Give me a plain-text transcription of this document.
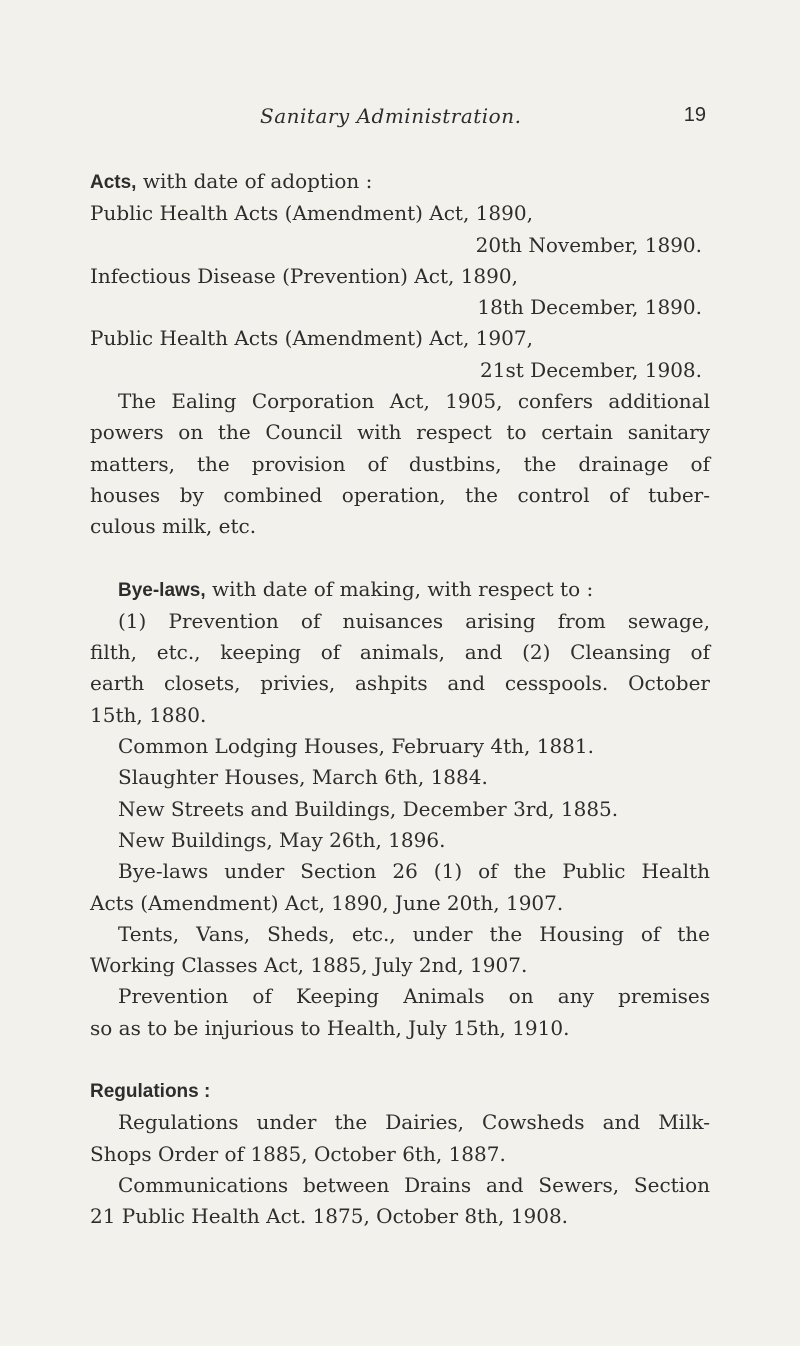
Sanitary Administration.	19
Acts, with date of adoption :
Public Health Acts (Amendment) Act, 1890,
20th November, 1890.
Infectious Disease (Prevention) Act, 1890,
18th December, 1890.
Public Health Acts (Amendment) Act, 1907,
21st December, 1908.
The Ealing Corporation Act, 1905, confers additional
powers on the Council with respect to certain sanitary
matters, the provision of dustbins, the drainage of
houses by combined operation, the control of tuber-
culous milk, etc.
Bye-laws, with date of making, with respect to :
(1) Prevention of nuisances arising from sewage,
filth, etc., keeping of animals, and (2) Cleansing of
earth closets, privies, ashpits and cesspools. October
15th, 1880.
Common Lodging Houses, February 4th, 1881.
Slaughter Houses, March 6th, 1884.
New Streets and Buildings, December 3rd, 1885.
New Buildings, May 26th, 1896.
Bye-laws under Section 26 (1) of the Public Health
Acts (Amendment) Act, 1890, June 20th, 1907.
Tents, Vans, Sheds, etc., under the Housing of the
Working Classes Act, 1885, July 2nd, 1907.
Prevention of Keeping Animals on any premises
so as to be injurious to Health, July 15th, 1910.
Regulations :
Regulations under the Dairies, Cowsheds and Milk-
Shops Order of 1885, October 6th, 1887.
Communications between Drains and Sewers, Section
21 Public Health Act. 1875, October 8th, 1908.
